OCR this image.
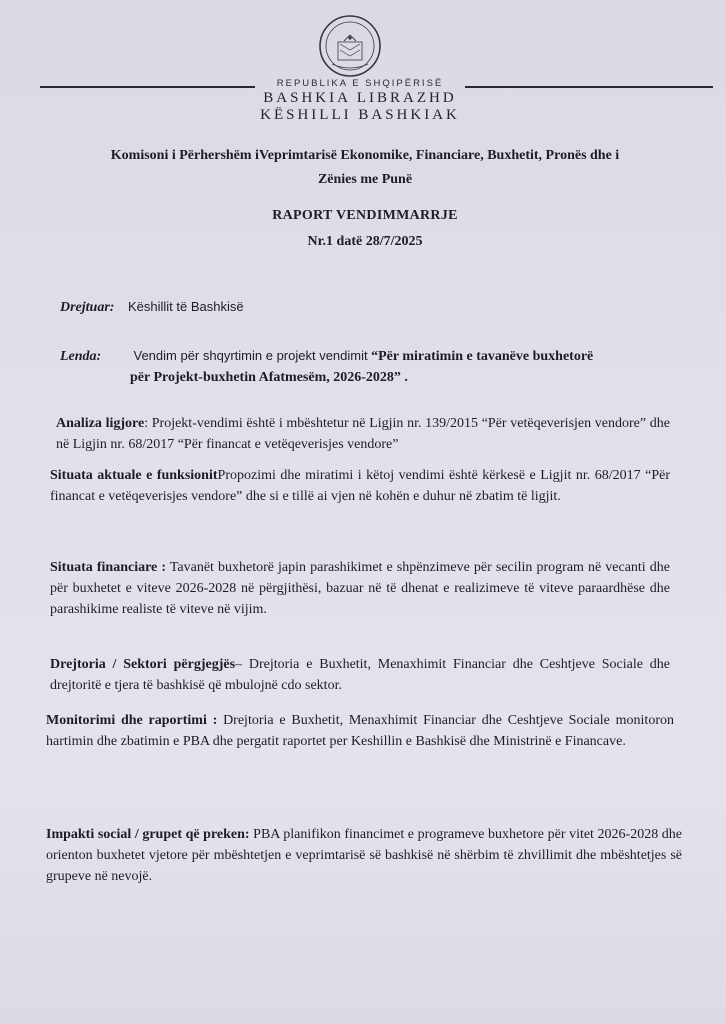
REPUBLIKA E SHQIPËRISË
BASHKIA LIBRAZHD
KËSHILLI BASHKIAK
Komisoni i Përhershëm iVeprimtarisë Ekonomike, Financiare, Buxhetit, Pronës dhe i
Zënies me Punë
RAPORT VENDIMMARRJE
Nr.1 datë 28/7/2025
Drejtuar: Këshillit të Bashkisë
Lenda: Vendim për shqyrtimin e projekt vendimit “Për miratimin e tavanëve buxhetorë
për Projekt-buxhetin Afatmesëm, 2026-2028” .
Analiza ligjore: Projekt-vendimi është i mbështetur në Ligjin nr. 139/2015 “Për vetëqeverisjen vendore” dhe në Ligjin nr. 68/2017 “Për financat e vetëqeverisjes vendore”
Situata aktuale e funksionitPropozimi dhe miratimi i këtoj vendimi është kërkesë e Ligjit nr. 68/2017 “Për financat e vetëqeverisjes vendore” dhe si e tillë ai vjen në kohën e duhur në zbatim të ligjit.
Situata financiare : Tavanët buxhetorë japin parashikimet e shpënzimeve për secilin program në vecanti dhe për buxhetet e viteve 2026-2028 në përgjithësi, bazuar në të dhenat e realizimeve të viteve paraardhëse dhe parashikime realiste të viteve në vijim.
Drejtoria / Sektori përgjegjës– Drejtoria e Buxhetit, Menaxhimit Financiar dhe Ceshtjeve Sociale dhe drejtoritë e tjera të bashkisë që mbulojnë cdo sektor.
Monitorimi dhe raportimi : Drejtoria e Buxhetit, Menaxhimit Financiar dhe Ceshtjeve Sociale monitoron hartimin dhe zbatimin e PBA dhe pergatit raportet per Keshillin e Bashkisë dhe Ministrinë e Financave.
Impakti social / grupet që preken: PBA planifikon financimet e programeve buxhetore për vitet 2026-2028 dhe orienton buxhetet vjetore për mbështetjen e veprimtarisë së bashkisë në shërbim të zhvillimit dhe mbështetjes së grupeve në nevojë.
